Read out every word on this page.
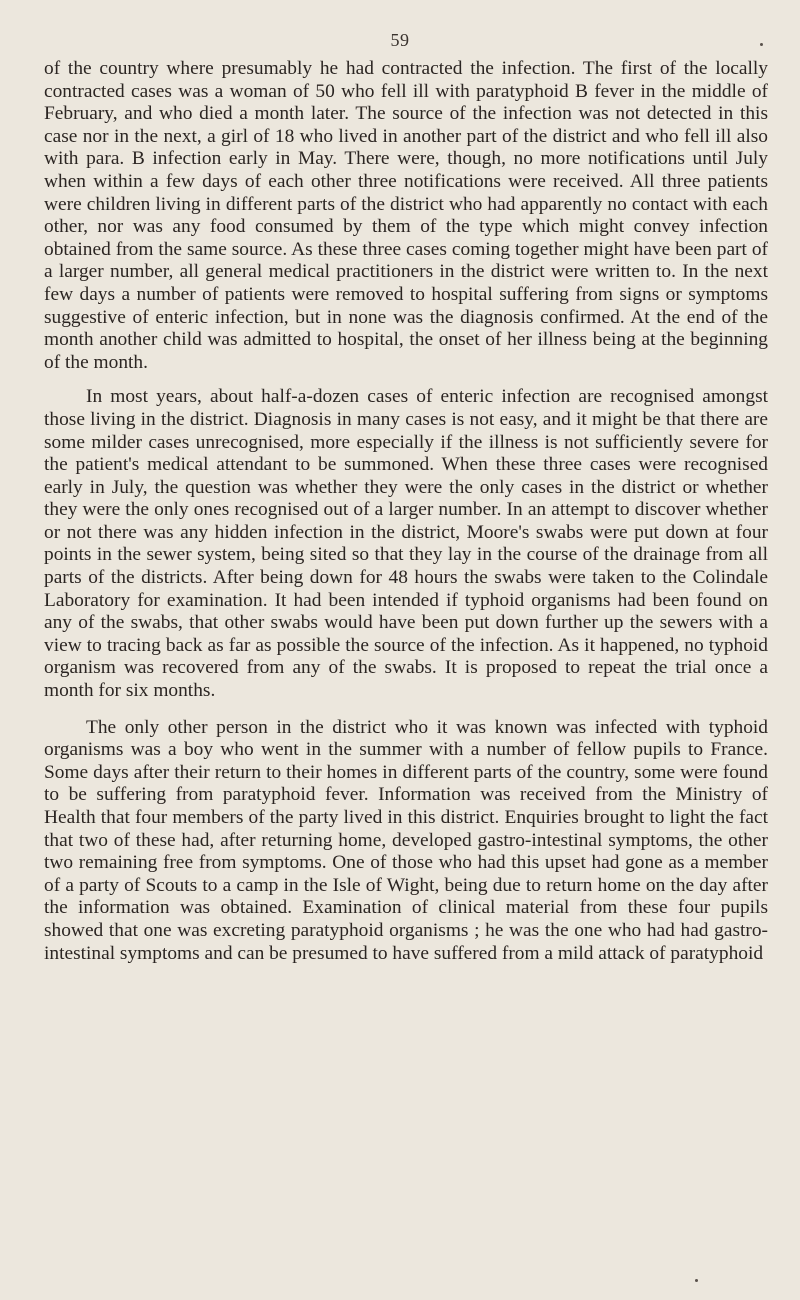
59

of the country where presumably he had contracted the infection. The first of the locally contracted cases was a woman of 50 who fell ill with paratyphoid B fever in the middle of February, and who died a month later. The source of the infection was not detected in this case nor in the next, a girl of 18 who lived in another part of the district and who fell ill also with para. B infection early in May. There were, though, no more notifications until July when within a few days of each other three notifications were received. All three patients were children living in different parts of the district who had apparently no contact with each other, nor was any food consumed by them of the type which might convey infection obtained from the same source. As these three cases coming together might have been part of a larger number, all general medical practitioners in the district were written to. In the next few days a number of patients were removed to hospital suffering from signs or symptoms suggestive of enteric infection, but in none was the diagnosis confirmed. At the end of the month another child was admitted to hospital, the onset of her illness being at the beginning of the month.

In most years, about half-a-dozen cases of enteric infection are recognised amongst those living in the district. Diagnosis in many cases is not easy, and it might be that there are some milder cases unrecognised, more especially if the illness is not sufficiently severe for the patient's medical attendant to be summoned. When these three cases were recognised early in July, the question was whether they were the only cases in the district or whether they were the only ones recognised out of a larger number. In an attempt to discover whether or not there was any hidden infection in the district, Moore's swabs were put down at four points in the sewer system, being sited so that they lay in the course of the drainage from all parts of the districts. After being down for 48 hours the swabs were taken to the Colindale Laboratory for examination. It had been intended if typhoid organisms had been found on any of the swabs, that other swabs would have been put down further up the sewers with a view to tracing back as far as possible the source of the infection. As it happened, no typhoid organism was recovered from any of the swabs. It is proposed to repeat the trial once a month for six months.

The only other person in the district who it was known was infected with typhoid organisms was a boy who went in the summer with a number of fellow pupils to France. Some days after their return to their homes in different parts of the country, some were found to be suffering from paratyphoid fever. Information was received from the Ministry of Health that four members of the party lived in this district. Enquiries brought to light the fact that two of these had, after returning home, developed gastro-intestinal symptoms, the other two remaining free from symptoms. One of those who had this upset had gone as a member of a party of Scouts to a camp in the Isle of Wight, being due to return home on the day after the information was obtained. Examination of clinical material from these four pupils showed that one was excreting paratyphoid organisms ; he was the one who had had gastro-intestinal symptoms and can be presumed to have suffered from a mild attack of paratyphoid
